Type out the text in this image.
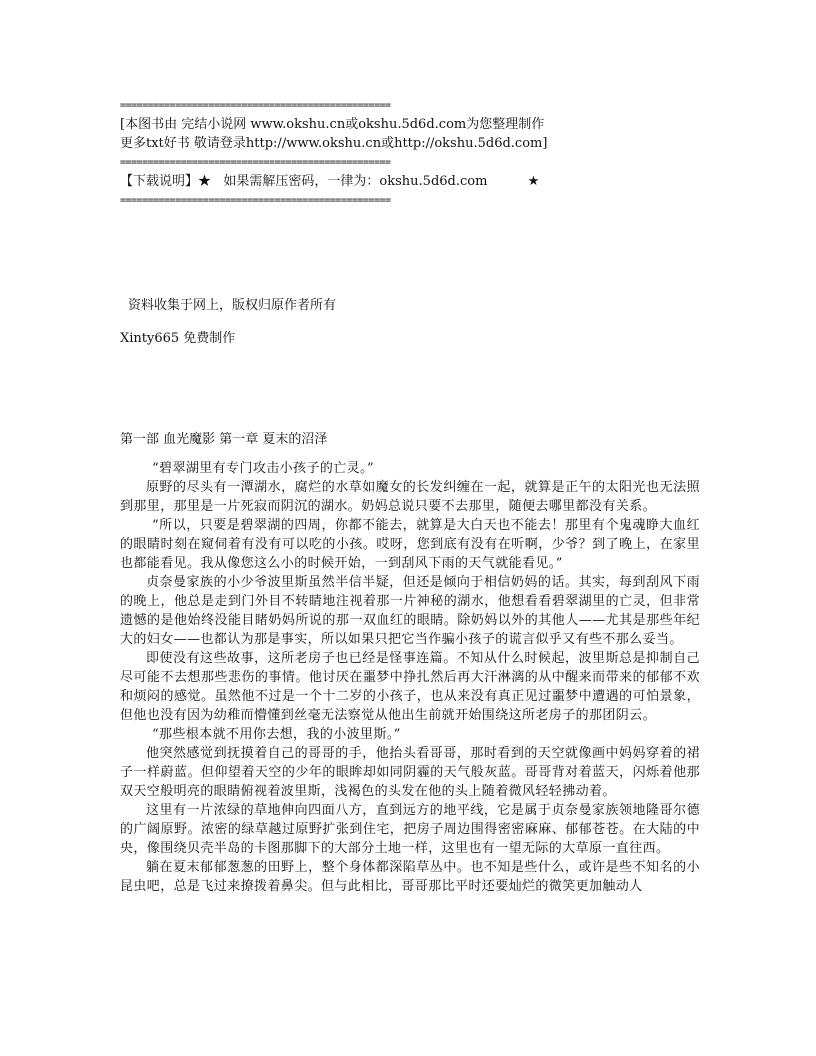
=================================================
[本图书由 完结小说网 www.okshu.cn或okshu.5d6d.com为您整理制作
更多txt好书 敬请登录http://www.okshu.cn或http://okshu.5d6d.com]
=================================================
【下载说明】★ 如果需解压密码，一律为：okshu.5d6d.com	★
=================================================
资料收集于网上，版权归原作者所有
Xinty665 免费制作
第一部 血光魔影 第一章 夏末的沼泽

“碧翠湖里有专门攻击小孩子的亡灵。”

原野的尽头有一潭湖水，腐烂的水草如魔女的长发纠缠在一起，就算是正午的太阳光也无法照到那里，那里是一片死寂而阴沉的湖水。奶妈总说只要不去那里，随便去哪里都没有关系。

“所以，只要是碧翠湖的四周，你都不能去，就算是大白天也不能去！那里有个鬼魂睁大血红的眼睛时刻在窥伺着有没有可以吃的小孩。哎呀，您到底有没有在听啊，少爷？到了晚上，在家里也都能看见。我从像您这么小的时候开始，一到刮风下雨的天气就能看见。”

贞奈曼家族的小少爷波里斯虽然半信半疑，但还是倾向于相信奶妈的话。其实，每到刮风下雨的晚上，他总是走到门外目不转睛地注视着那一片神秘的湖水，他想看看碧翠湖里的亡灵，但非常遗憾的是他始终没能目睹奶妈所说的那一双血红的眼睛。除奶妈以外的其他人——尤其是那些年纪大的妇女——也都认为那是事实，所以如果只把它当作骗小孩子的谎言似乎又有些不那么妥当。

即使没有这些故事，这所老房子也已经是怪事连篇。不知从什么时候起，波里斯总是抑制自己尽可能不去想那些悲伤的事情。他讨厌在噩梦中挣扎然后再大汗淋漓的从中醒来而带来的郁郁不欢和烦闷的感觉。虽然他不过是一个十二岁的小孩子，也从来没有真正见过噩梦中遭遇的可怕景象，但他也没有因为幼稚而懵懂到丝毫无法察觉从他出生前就开始围绕这所老房子的那团阴云。

“那些根本就不用你去想，我的小波里斯。”

他突然感觉到抚摸着自己的哥哥的手，他抬头看哥哥，那时看到的天空就像画中妈妈穿着的裙子一样蔚蓝。但仰望着天空的少年的眼眸却如同阴霾的天气般灰蓝。哥哥背对着蓝天，闪烁着他那双天空般明亮的眼睛俯视着波里斯，浅褐色的头发在他的头上随着微风轻轻拂动着。

这里有一片浓绿的草地伸向四面八方，直到远方的地平线，它是属于贞奈曼家族领地隆哥尔德的广阔原野。浓密的绿草越过原野扩张到住宅，把房子周边围得密密麻麻、郁郁苍苍。在大陆的中央，像围绕贝壳半岛的卡图那脚下的大部分土地一样，这里也有一望无际的大草原一直往西。

躺在夏末郁郁葱葱的田野上，整个身体都深陷草丛中。也不知是些什么，或许是些不知名的小昆虫吧，总是飞过来撩拨着鼻尖。但与此相比，哥哥那比平时还要灿烂的微笑更加触动人
